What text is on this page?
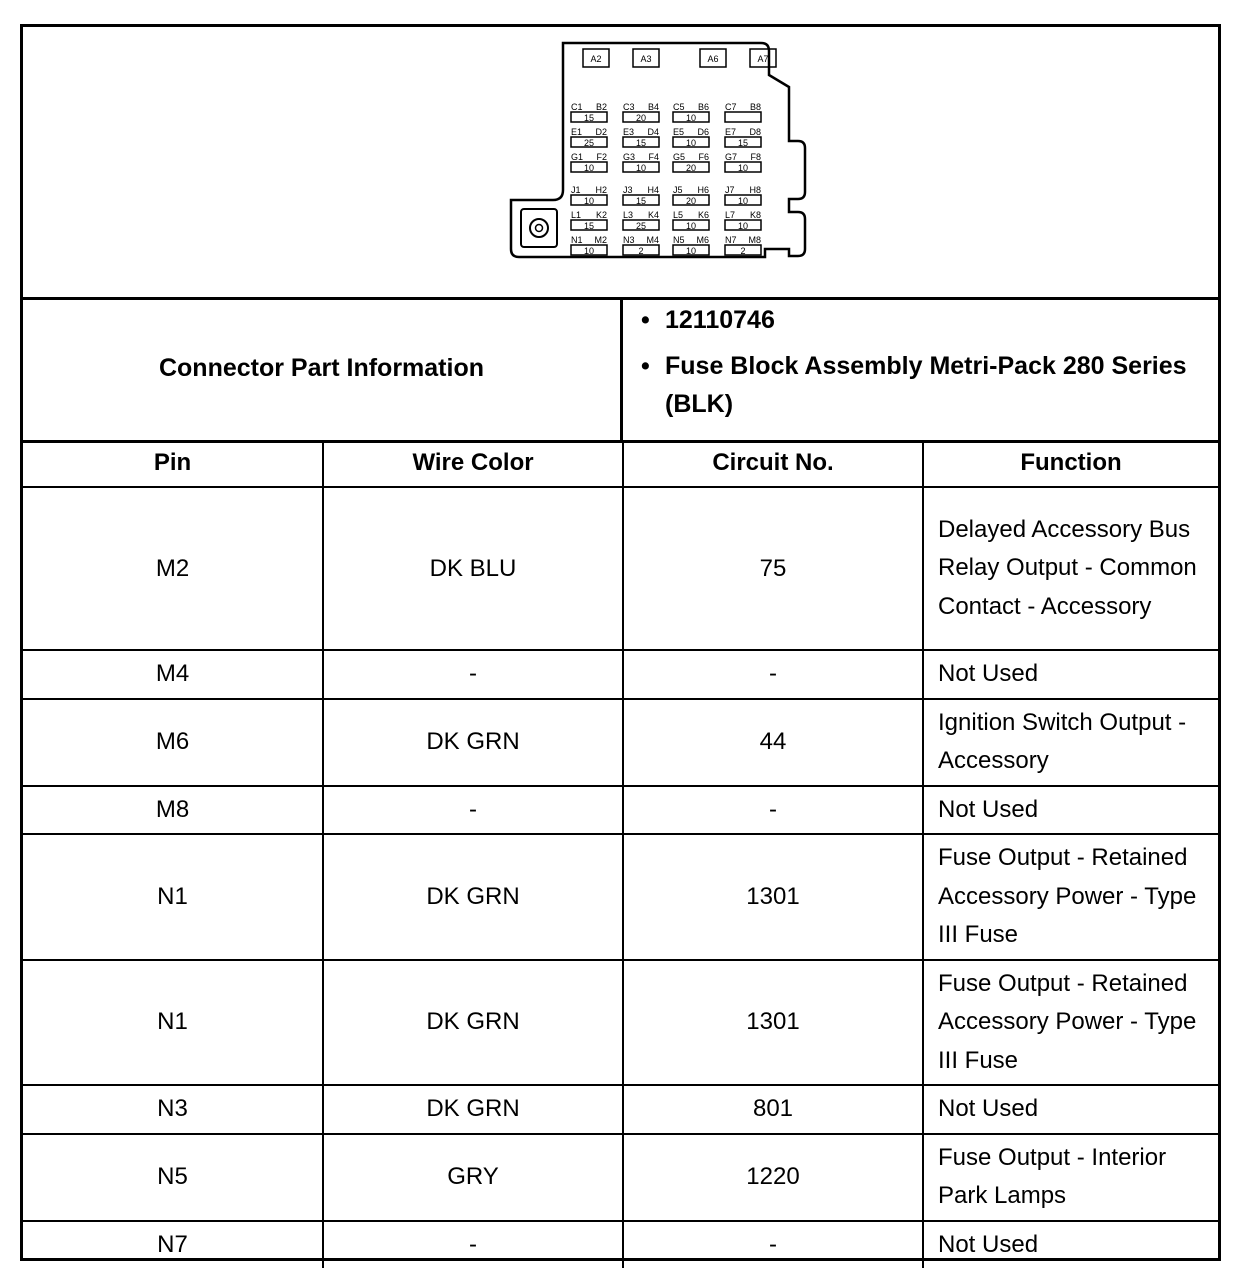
A2	A3	A6	A7
C1 B2
15
C3 B4
20
C5 B6
10
C7 B8
E1 D2
25
E3 D4
15
E5 D6
10
E7 D8
15
G1 F2
10
G3 F4
10
G5 F6
20
G7 F8
10
J1 H2
10
J3 H4
15
J5 H6
20
J7 H8
10
L1 K2
15
L3 K4
25
L5 K6
10
L7 K8
10
N1 M2
10
N3 M4
2
N5 M6
10
N7 M8
2
Connector Part Information
• 12110746
• Fuse Block Assembly Metri-Pack 280 Series (BLK)
Pin	Wire Color	Circuit No.	Function
M2	DK BLU	75	Delayed Accessory Bus Relay Output - Common Contact - Accessory
M4	-	-	Not Used
M6	DK GRN	44	Ignition Switch Output - Accessory
M8	-	-	Not Used
N1	DK GRN	1301	Fuse Output - Retained Accessory Power - Type III Fuse
N1	DK GRN	1301	Fuse Output - Retained Accessory Power - Type III Fuse
N3	DK GRN	801	Not Used
N5	GRY	1220	Fuse Output - Interior Park Lamps
N7	-	-	Not Used
